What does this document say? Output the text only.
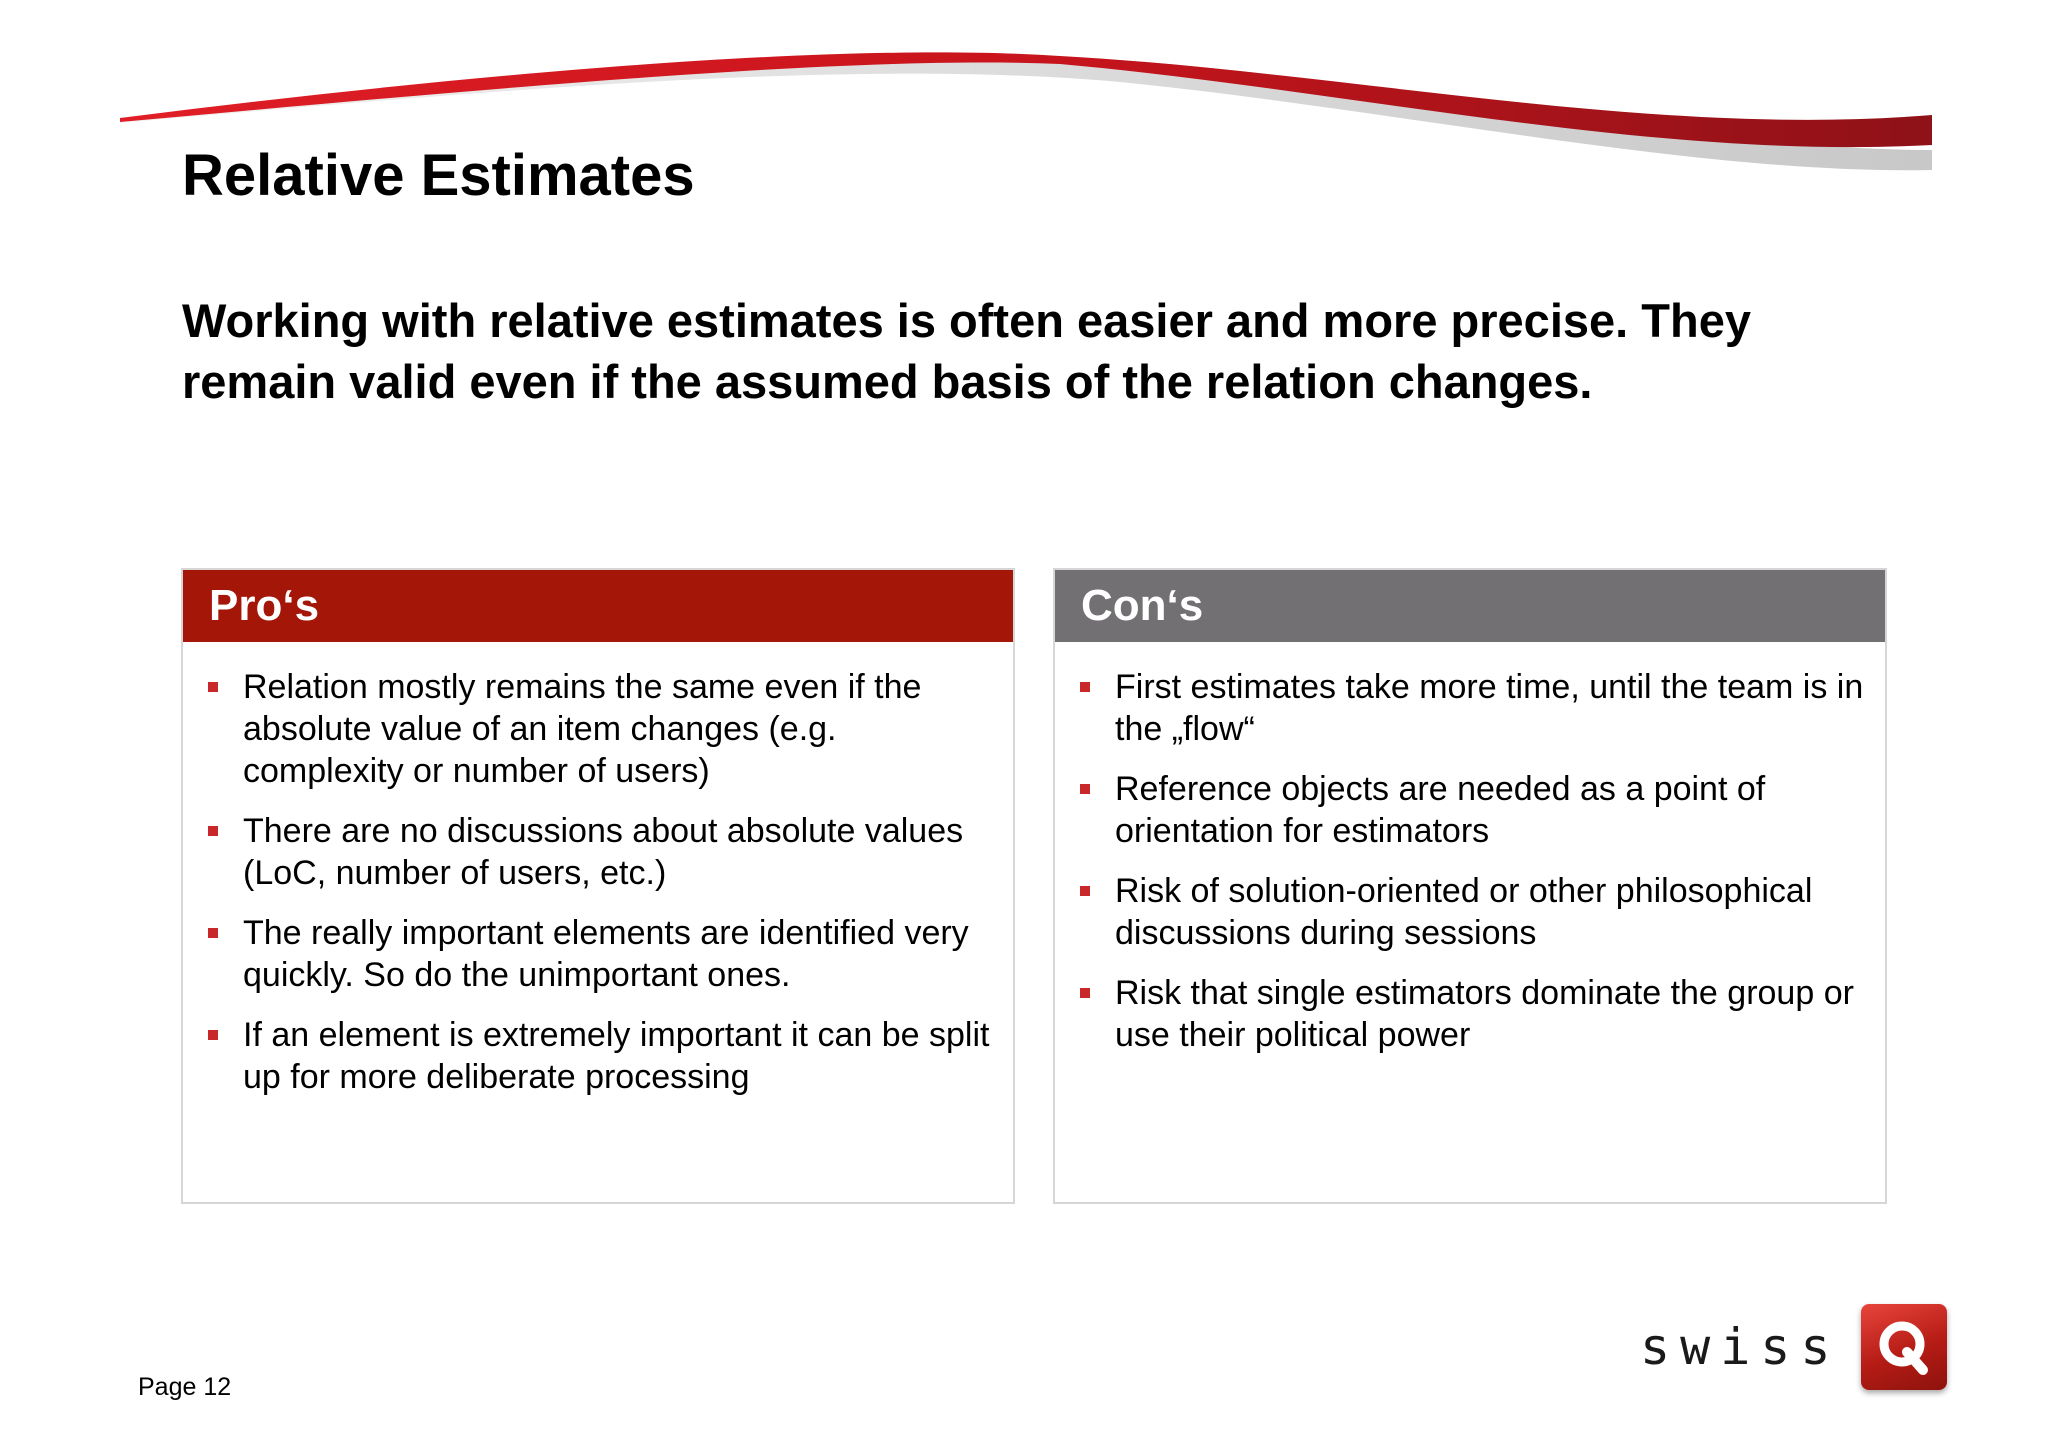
Relative Estimates

Working with relative estimates is often easier and more precise. They remain valid even if the assumed basis of the relation changes.

Pro‘s
Relation mostly remains the same even if the absolute value of an item changes (e.g. complexity or number of users)
There are no discussions about absolute values (LoC, number of users, etc.)
The really important elements are identified very quickly. So do the unimportant ones.
If an element is extremely important it can be split up for more deliberate processing
Con‘s
First estimates take more time, until the team is in the „flow“
Reference objects are needed as a point of orientation for estimators
Risk of solution-oriented or other philosophical discussions during sessions
Risk that single estimators dominate the group or use their political power
Page 12
swiss
